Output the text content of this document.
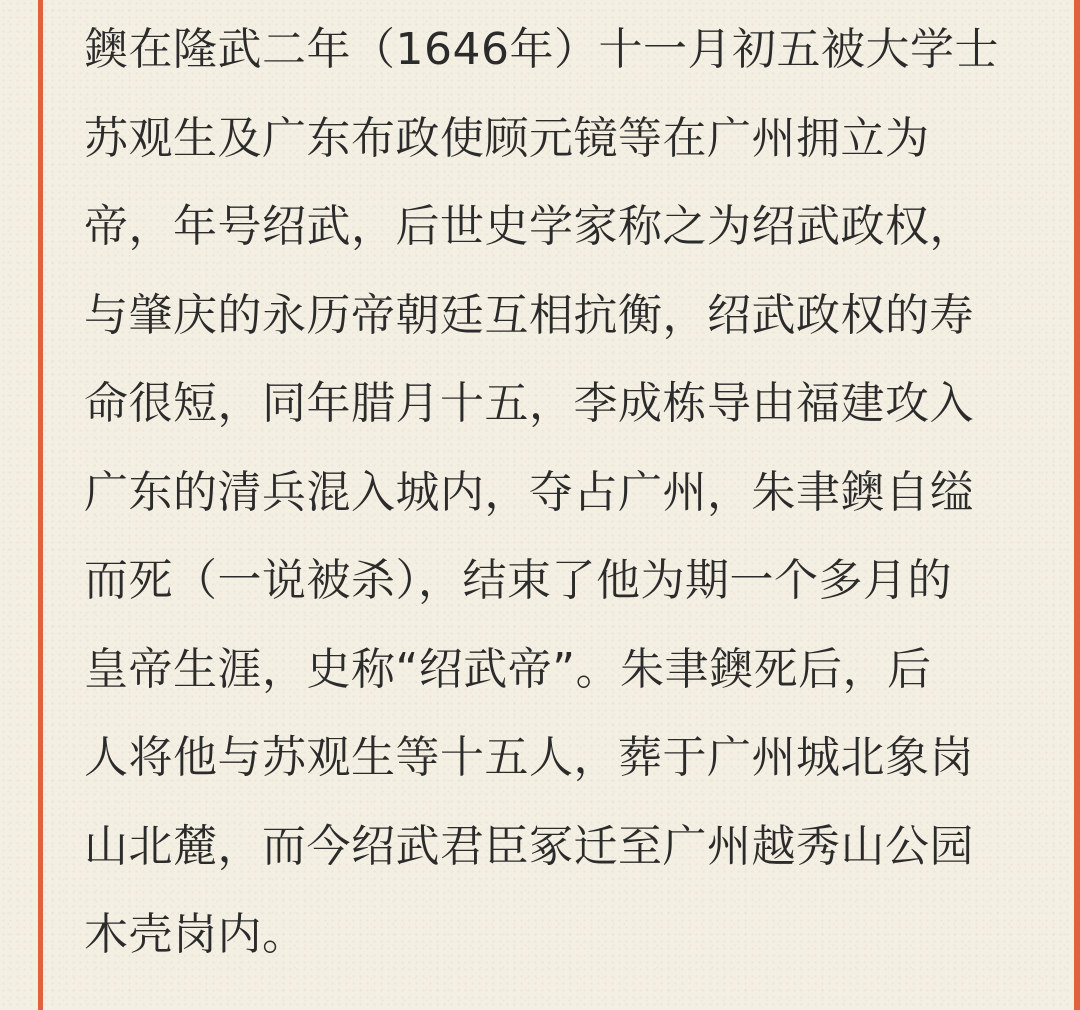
鐭在隆武二年（1646年）十一月初五被大学士
苏观生及广东布政使顾元镜等在广州拥立为
帝，年号绍武，后世史学家称之为绍武政权，
与肇庆的永历帝朝廷互相抗衡，绍武政权的寿
命很短，同年腊月十五，李成栋导由福建攻入
广东的清兵混入城内，夺占广州，朱聿鐭自缢
而死（一说被杀），结束了他为期一个多月的
皇帝生涯，史称“绍武帝”。朱聿鐭死后，后
人将他与苏观生等十五人，葬于广州城北象岗
山北麓，而今绍武君臣冢迁至广州越秀山公园
木壳岗内。
